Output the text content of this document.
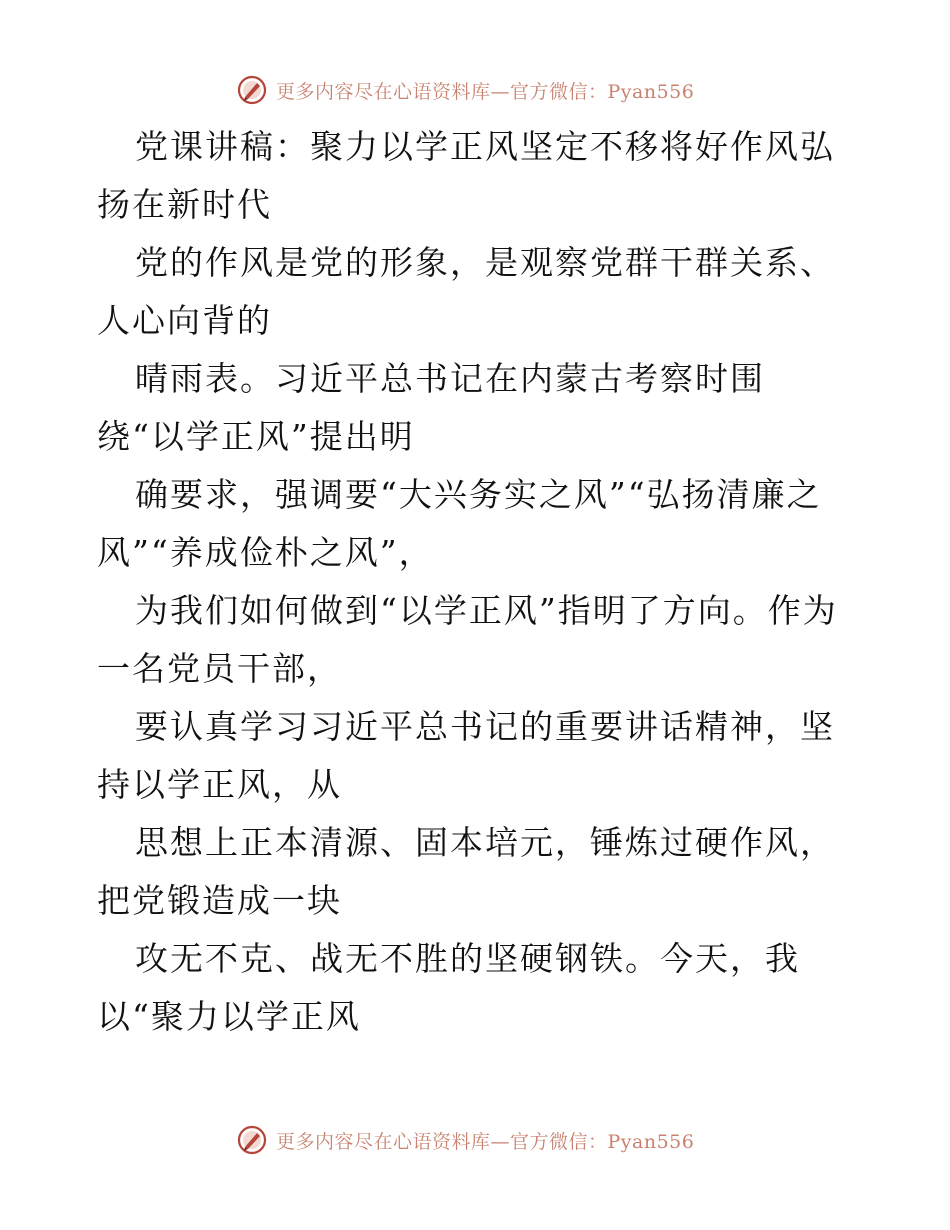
更多内容尽在心语资料库—官方微信：Pyan556

党课讲稿：聚力以学正风坚定不移将好作风弘扬在新时代

党的作风是党的形象，是观察党群干群关系、人心向背的

晴雨表。习近平总书记在内蒙古考察时围绕“以学正风”提出明

确要求，强调要“大兴务实之风”“弘扬清廉之风”“养成俭朴之风”，

为我们如何做到“以学正风”指明了方向。作为一名党员干部，

要认真学习习近平总书记的重要讲话精神，坚持以学正风，从

思想上正本清源、固本培元，锤炼过硬作风，把党锻造成一块

攻无不克、战无不胜的坚硬钢铁。今天，我以“聚力以学正风

更多内容尽在心语资料库—官方微信：Pyan556
